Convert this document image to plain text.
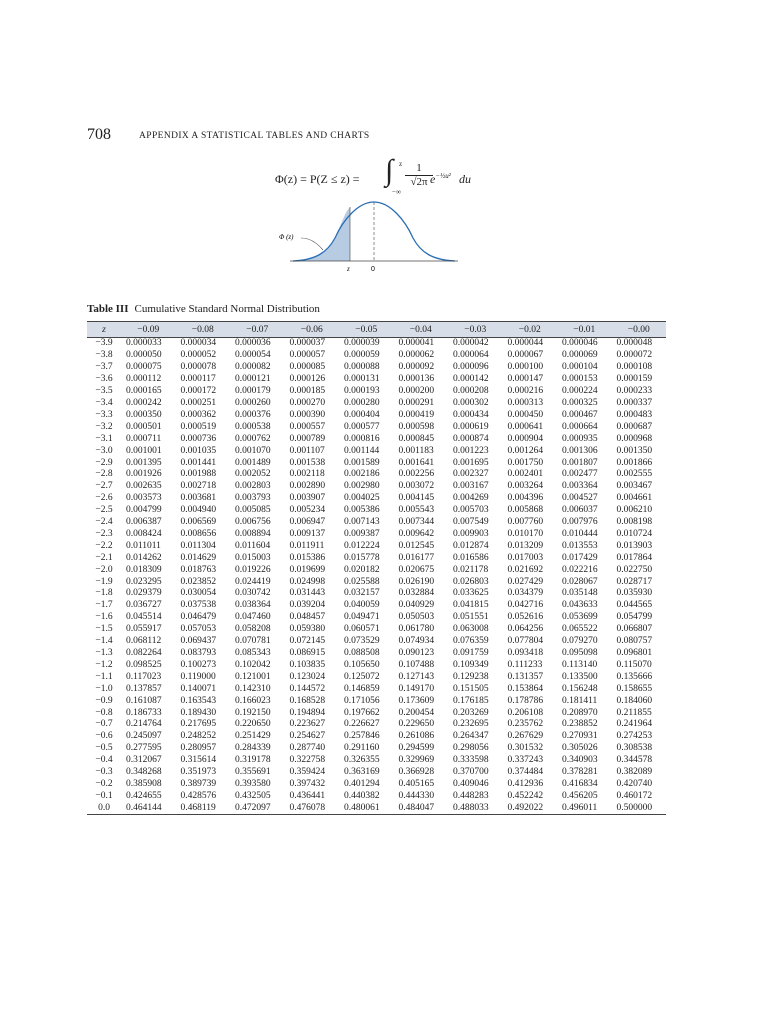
708	APPENDIX A STATISTICAL TABLES AND CHARTS
Φ(z) = P(Z ≤ z) = ∫ z
−∞
$\frac{1}{√2\pi}$
$e^{-\frac{1}{2}u^2}$ du
Φ (z)
z	0
Table III Cumulative Standard Normal Distribution
z	−0.09	−0.08	−0.07	−0.06	−0.05	−0.04	−0.03	−0.02	−0.01	−0.00
−3.9	0.000033	0.000034	0.000036	0.000037	0.000039	0.000041	0.000042	0.000044	0.000046	0.000048
−3.8	0.000050	0.000052	0.000054	0.000057	0.000059	0.000062	0.000064	0.000067	0.000069	0.000072
−3.7	0.000075	0.000078	0.000082	0.000085	0.000088	0.000092	0.000096	0.000100	0.000104	0.000108
−3.6	0.000112	0.000117	0.000121	0.000126	0.000131	0.000136	0.000142	0.000147	0.000153	0.000159
−3.5	0.000165	0.000172	0.000179	0.000185	0.000193	0.000200	0.000208	0.000216	0.000224	0.000233
−3.4	0.000242	0.000251	0.000260	0.000270	0.000280	0.000291	0.000302	0.000313	0.000325	0.000337
−3.3	0.000350	0.000362	0.000376	0.000390	0.000404	0.000419	0.000434	0.000450	0.000467	0.000483
−3.2	0.000501	0.000519	0.000538	0.000557	0.000577	0.000598	0.000619	0.000641	0.000664	0.000687
−3.1	0.000711	0.000736	0.000762	0.000789	0.000816	0.000845	0.000874	0.000904	0.000935	0.000968
−3.0	0.001001	0.001035	0.001070	0.001107	0.001144	0.001183	0.001223	0.001264	0.001306	0.001350
−2.9	0.001395	0.001441	0.001489	0.001538	0.001589	0.001641	0.001695	0.001750	0.001807	0.001866
−2.8	0.001926	0.001988	0.002052	0.002118	0.002186	0.002256	0.002327	0.002401	0.002477	0.002555
−2.7	0.002635	0.002718	0.002803	0.002890	0.002980	0.003072	0.003167	0.003264	0.003364	0.003467
−2.6	0.003573	0.003681	0.003793	0.003907	0.004025	0.004145	0.004269	0.004396	0.004527	0.004661
−2.5	0.004799	0.004940	0.005085	0.005234	0.005386	0.005543	0.005703	0.005868	0.006037	0.006210
−2.4	0.006387	0.006569	0.006756	0.006947	0.007143	0.007344	0.007549	0.007760	0.007976	0.008198
−2.3	0.008424	0.008656	0.008894	0.009137	0.009387	0.009642	0.009903	0.010170	0.010444	0.010724
−2.2	0.011011	0.011304	0.011604	0.011911	0.012224	0.012545	0.012874	0.013209	0.013553	0.013903
−2.1	0.014262	0.014629	0.015003	0.015386	0.015778	0.016177	0.016586	0.017003	0.017429	0.017864
−2.0	0.018309	0.018763	0.019226	0.019699	0.020182	0.020675	0.021178	0.021692	0.022216	0.022750
−1.9	0.023295	0.023852	0.024419	0.024998	0.025588	0.026190	0.026803	0.027429	0.028067	0.028717
−1.8	0.029379	0.030054	0.030742	0.031443	0.032157	0.032884	0.033625	0.034379	0.035148	0.035930
−1.7	0.036727	0.037538	0.038364	0.039204	0.040059	0.040929	0.041815	0.042716	0.043633	0.044565
−1.6	0.045514	0.046479	0.047460	0.048457	0.049471	0.050503	0.051551	0.052616	0.053699	0.054799
−1.5	0.055917	0.057053	0.058208	0.059380	0.060571	0.061780	0.063008	0.064256	0.065522	0.066807
−1.4	0.068112	0.069437	0.070781	0.072145	0.073529	0.074934	0.076359	0.077804	0.079270	0.080757
−1.3	0.082264	0.083793	0.085343	0.086915	0.088508	0.090123	0.091759	0.093418	0.095098	0.096801
−1.2	0.098525	0.100273	0.102042	0.103835	0.105650	0.107488	0.109349	0.111233	0.113140	0.115070
−1.1	0.117023	0.119000	0.121001	0.123024	0.125072	0.127143	0.129238	0.131357	0.133500	0.135666
−1.0	0.137857	0.140071	0.142310	0.144572	0.146859	0.149170	0.151505	0.153864	0.156248	0.158655
−0.9	0.161087	0.163543	0.166023	0.168528	0.171056	0.173609	0.176185	0.178786	0.181411	0.184060
−0.8	0.186733	0.189430	0.192150	0.194894	0.197662	0.200454	0.203269	0.206108	0.208970	0.211855
−0.7	0.214764	0.217695	0.220650	0.223627	0.226627	0.229650	0.232695	0.235762	0.238852	0.241964
−0.6	0.245097	0.248252	0.251429	0.254627	0.257846	0.261086	0.264347	0.267629	0.270931	0.274253
−0.5	0.277595	0.280957	0.284339	0.287740	0.291160	0.294599	0.298056	0.301532	0.305026	0.308538
−0.4	0.312067	0.315614	0.319178	0.322758	0.326355	0.329969	0.333598	0.337243	0.340903	0.344578
−0.3	0.348268	0.351973	0.355691	0.359424	0.363169	0.366928	0.370700	0.374484	0.378281	0.382089
−0.2	0.385908	0.389739	0.393580	0.397432	0.401294	0.405165	0.409046	0.412936	0.416834	0.420740
−0.1	0.424655	0.428576	0.432505	0.436441	0.440382	0.444330	0.448283	0.452242	0.456205	0.460172
0.0	0.464144	0.468119	0.472097	0.476078	0.480061	0.484047	0.488033	0.492022	0.496011	0.500000
